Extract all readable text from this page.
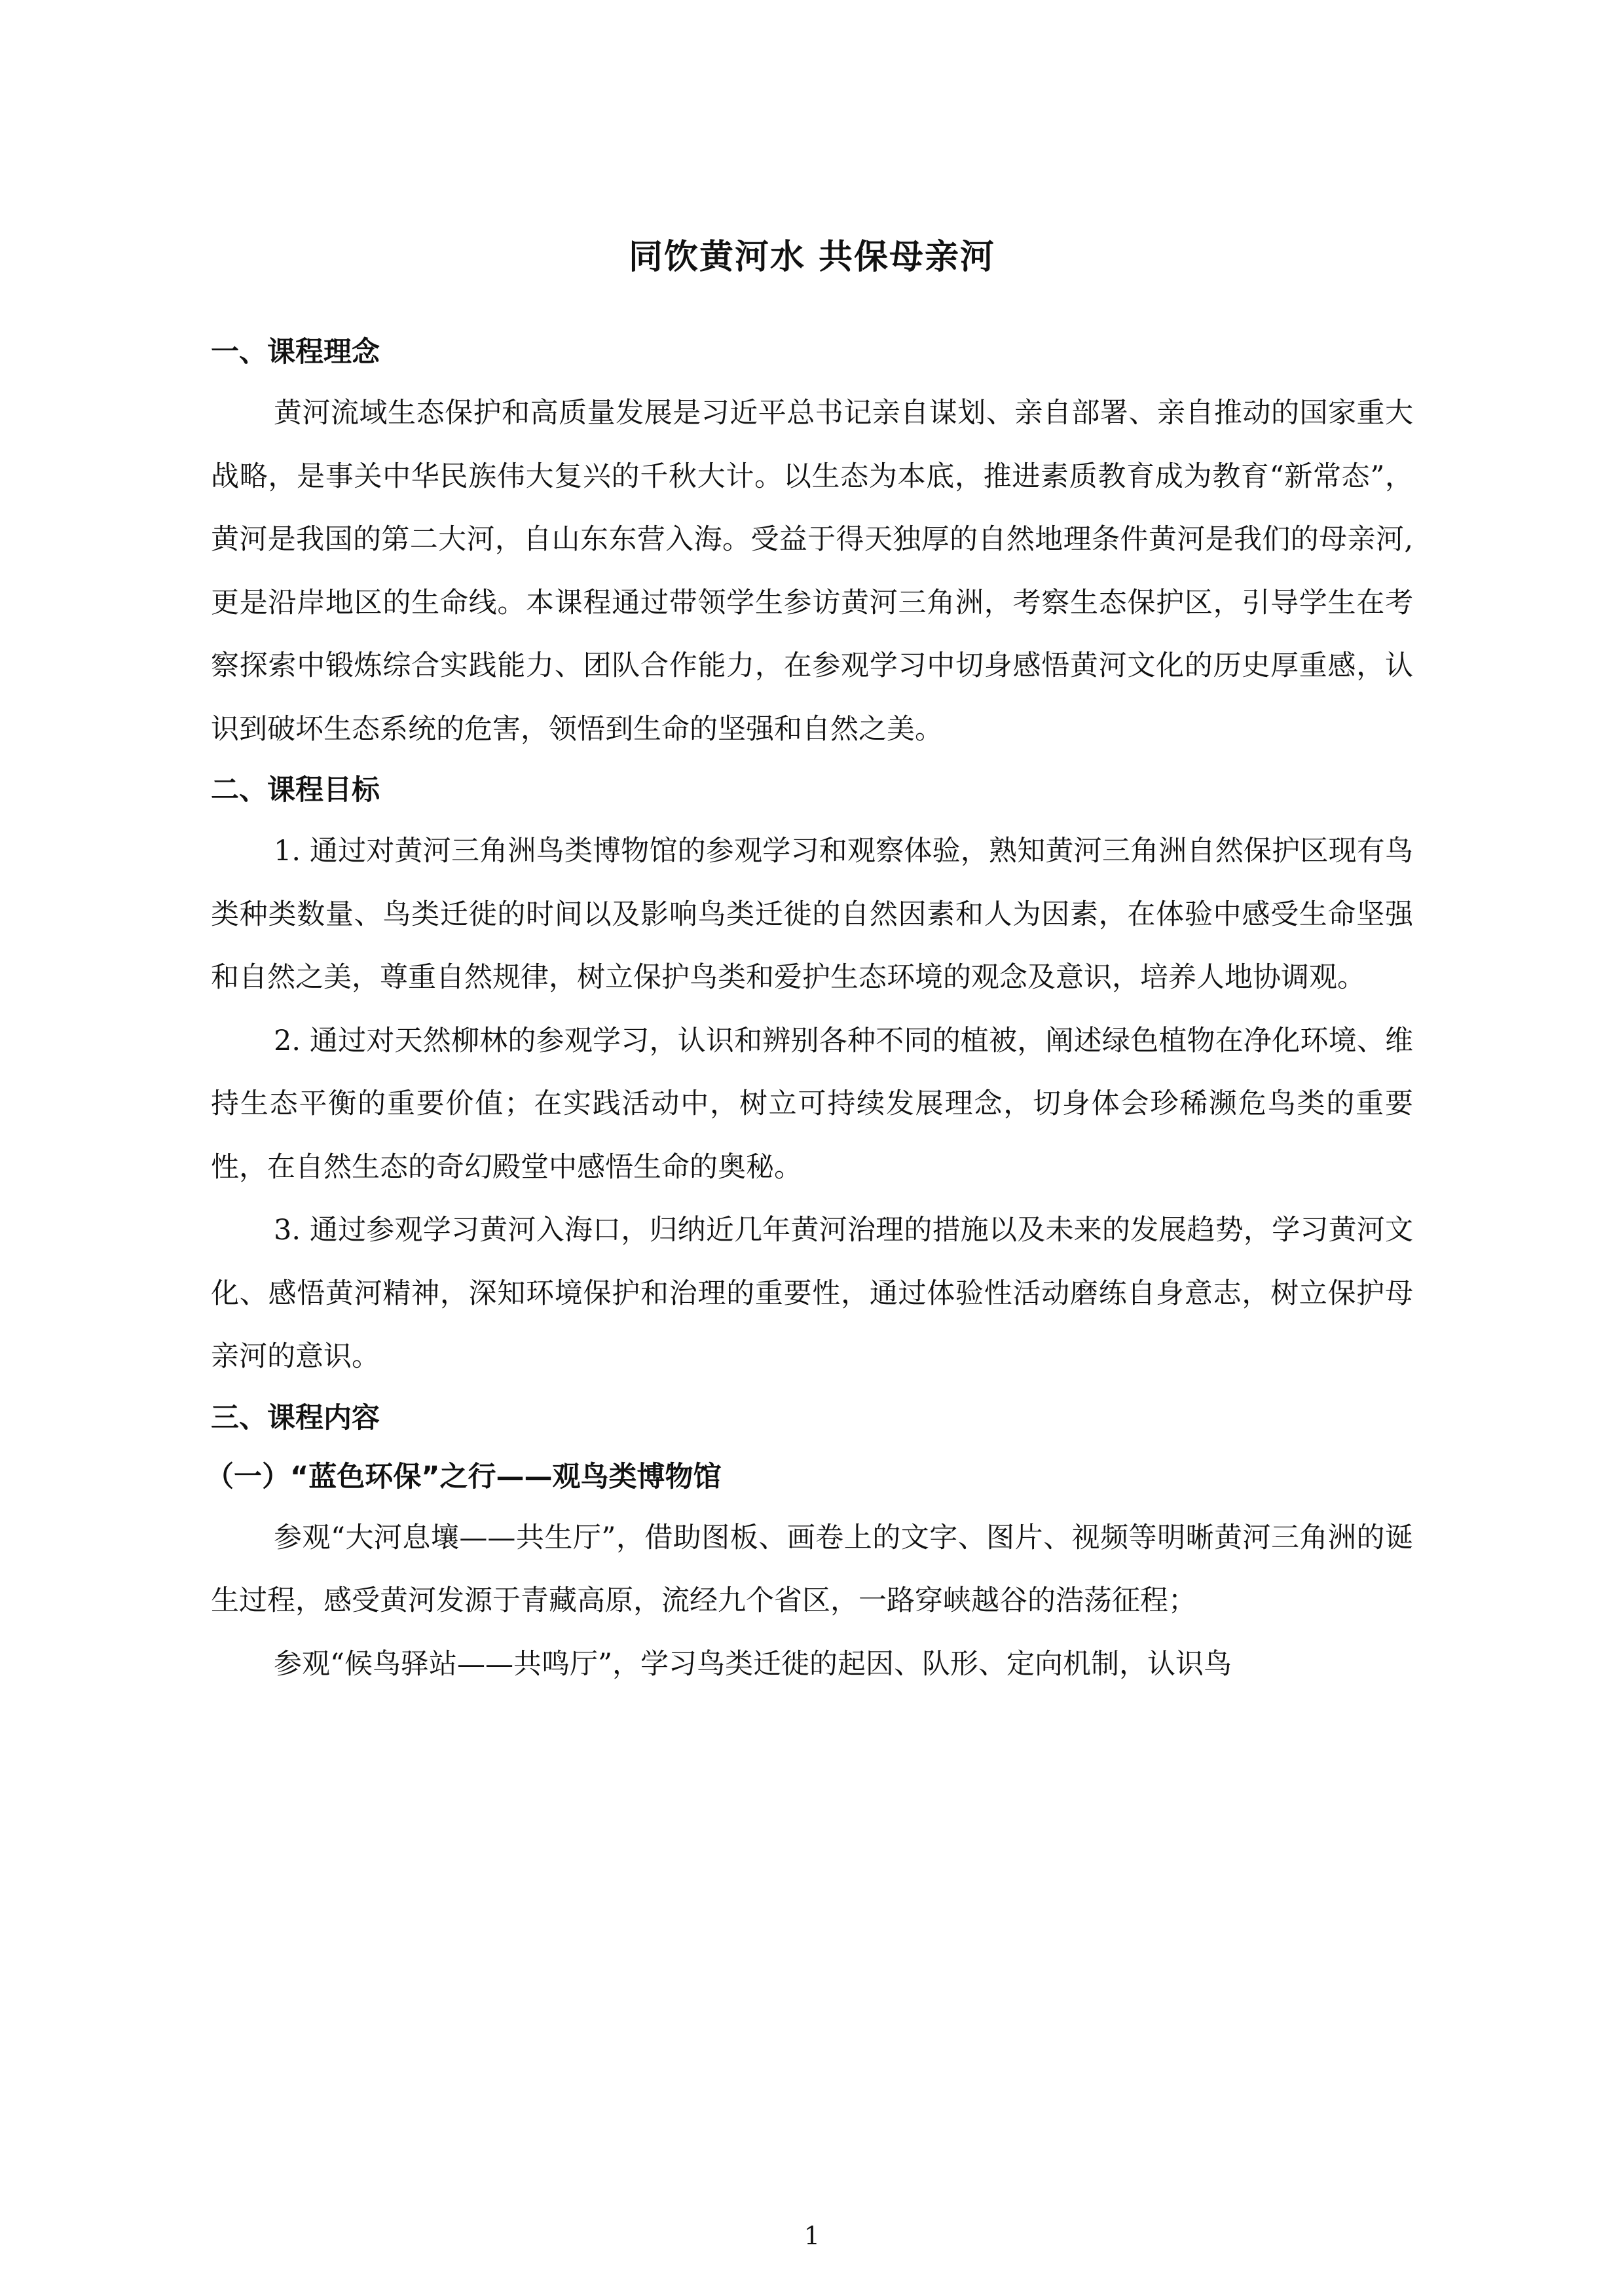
同饮黄河水 共保母亲河
一、课程理念

黄河流域生态保护和高质量发展是习近平总书记亲自谋划、亲自部署、亲自推动的国家重大战略，是事关中华民族伟大复兴的千秋大计。以生态为本底，推进素质教育成为教育“新常态”，黄河是我国的第二大河，自山东东营入海。受益于得天独厚的自然地理条件黄河是我们的母亲河,更是沿岸地区的生命线。本课程通过带领学生参访黄河三角洲，考察生态保护区，引导学生在考察探索中锻炼综合实践能力、团队合作能力，在参观学习中切身感悟黄河文化的历史厚重感，认识到破坏生态系统的危害，领悟到生命的坚强和自然之美。

二、课程目标

1. 通过对黄河三角洲鸟类博物馆的参观学习和观察体验，熟知黄河三角洲自然保护区现有鸟类种类数量、鸟类迁徙的时间以及影响鸟类迁徙的自然因素和人为因素，在体验中感受生命坚强和自然之美，尊重自然规律，树立保护鸟类和爱护生态环境的观念及意识，培养人地协调观。

2. 通过对天然柳林的参观学习，认识和辨别各种不同的植被，阐述绿色植物在净化环境、维持生态平衡的重要价值；在实践活动中，树立可持续发展理念，切身体会珍稀濒危鸟类的重要性，在自然生态的奇幻殿堂中感悟生命的奥秘。

3. 通过参观学习黄河入海口，归纳近几年黄河治理的措施以及未来的发展趋势，学习黄河文化、感悟黄河精神，深知环境保护和治理的重要性，通过体验性活动磨练自身意志，树立保护母亲河的意识。

三、课程内容
（一）“蓝色环保”之行——观鸟类博物馆

参观“大河息壤——共生厅”，借助图板、画卷上的文字、图片、视频等明晰黄河三角洲的诞生过程，感受黄河发源于青藏高原，流经九个省区，一路穿峡越谷的浩荡征程；

参观“候鸟驿站——共鸣厅”，学习鸟类迁徙的起因、队形、定向机制，认识鸟

1
